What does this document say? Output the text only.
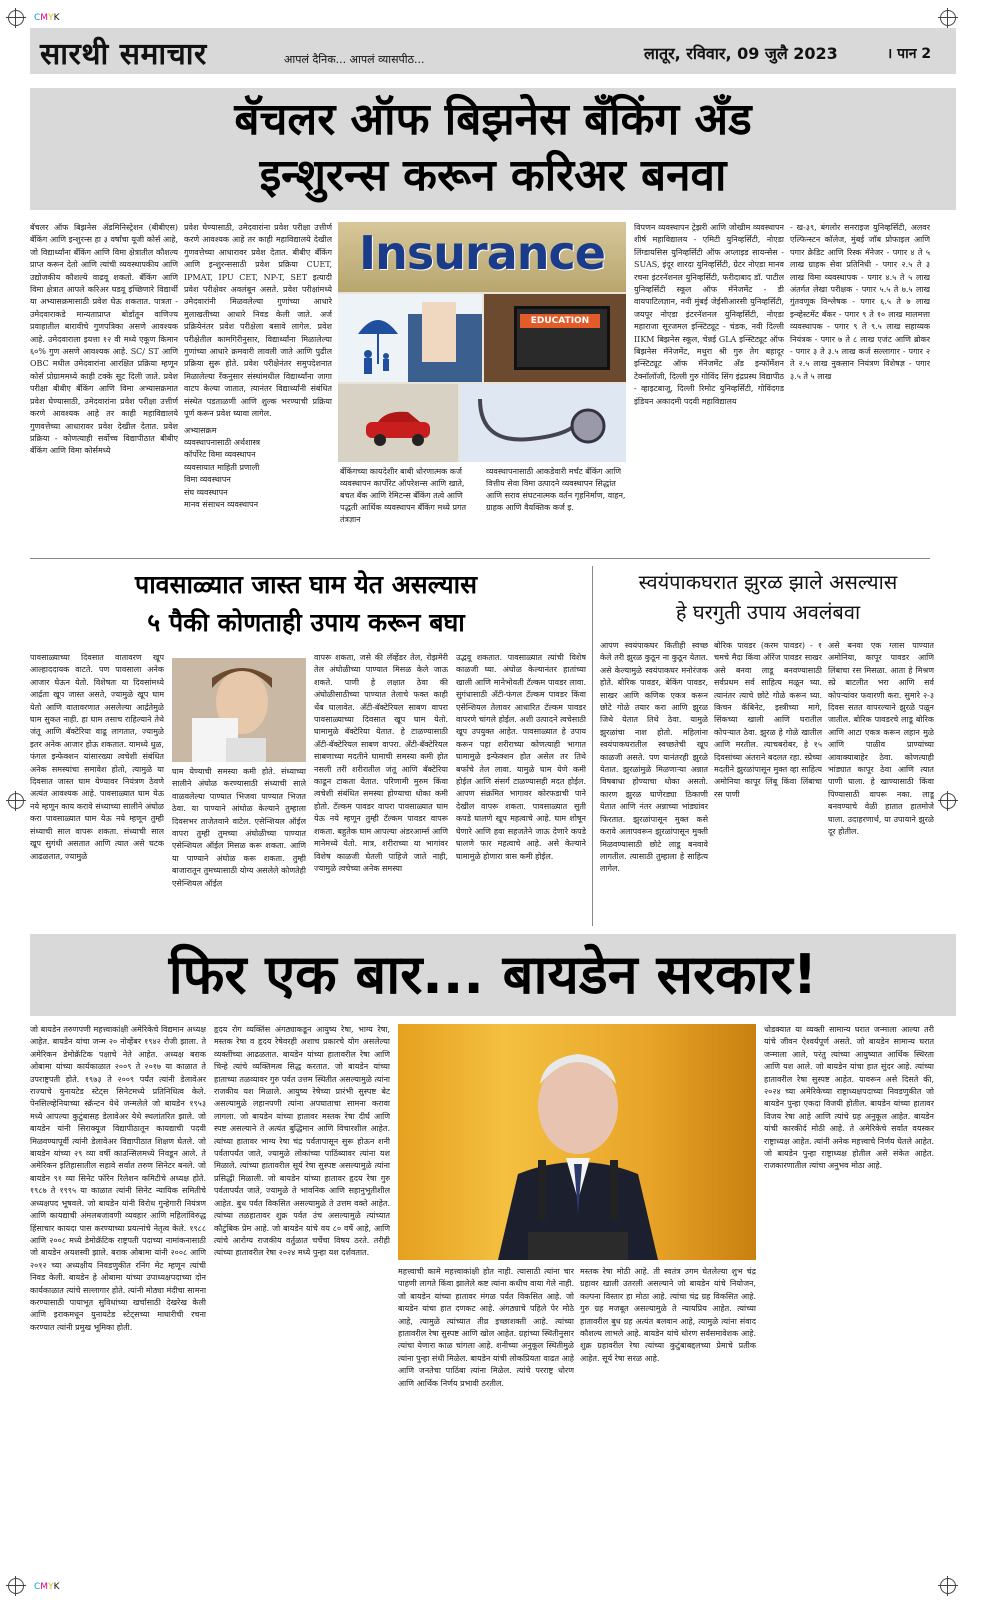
CMYK
CMYK
सारथी समाचार	आपलं दैनिक... आपलं व्यासपीठ...	लातूर, रविवार, 09 जुलै 2023	। पान 2
बॅचलर ऑफ बिझनेस बँकिंग अँड
इन्शुरन्स करून करिअर बनवा

बॅचलर ऑफ बिझनेस ॲडमिनिस्ट्रेशन (बीबीएस) बँकिंग आणि इन्शुरन्स हा ३ वर्षांचा यूजी कोर्स आहे, जो विद्यार्थ्यांना बँकिंग आणि विमा क्षेत्रातील कौशल्य प्राप्त करून देतो आणि त्यांची व्यवस्थापकीय आणि उद्योजकीय कौशल्ये वाढवू शकतो. बँकिंग आणि विमा क्षेत्रात आपले करिअर घडवू इच्छिणारे विद्यार्थी या अभ्यासक्रमासाठी प्रवेश घेऊ शकतात. पात्रता - उमेदवाराकडे मान्यताप्राप्त बोर्डातून वाणिज्य प्रवाहातील बारावीचे गुणपत्रिका असणे आवश्यक आहे. उमेदवाराला इयत्ता १२ वी मध्ये एकूण किमान ६०% गुण असणे आवश्यक आहे. SC/ ST आणि OBC मधील उमेदवारांना आरक्षित प्रक्रिया म्हणून कोर्स प्रोग्राममध्ये काही टक्के सूट दिली जाते. प्रवेश परीक्षा बीबीए बँकिंग आणि विमा अभ्यासक्रमात प्रवेश घेण्यासाठी, उमेदवारांना प्रवेश परीक्षा उत्तीर्ण करणे आवश्यक आहे तर काही महाविद्यालये गुणवत्तेच्या आधारावर प्रवेश देखील देतात. प्रवेश प्रक्रिया - कोणत्याही सर्वोच्च विद्यापीठात बीबीए बँकिंग आणि विमा कोर्समध्ये

प्रवेश घेण्यासाठी, उमेदवारांना प्रवेश परीक्षा उत्तीर्ण करणे आवश्यक आहे तर काही महाविद्यालये देखील गुणवत्तेच्या आधारावर प्रवेश देतात. बीबीए बँकिंग आणि इन्शुरन्ससाठी प्रवेश प्रक्रिया CUET, IPMAT, IPU CET, NP-T, SET इत्यादी प्रवेश परीक्षेवर अवलंबून असते. प्रवेश परीक्षांमध्ये उमेदवारांनी मिळवलेल्या गुणांच्या आधारे मुलाखतीच्या आधारे निवड केली जाते. अर्ज प्रक्रियेनंतर प्रवेश परीक्षेला बसावे लागेल. प्रवेश परीक्षेतील कामगिरीनुसार, विद्यार्थ्यांना मिळालेल्या गुणांच्या आधारे क्रमवारी लावली जाते आणि पुढील प्रक्रिया सुरू होते. प्रवेश परीक्षेनंतर समुपदेशनात मिळालेल्या रँकनुसार संस्थांमधील विद्यार्थ्यांना जागा वाटप केल्या जातात, त्यानंतर विद्यार्थ्यांनी संबंधित संस्थेत पडताळणी आणि शुल्क भरण्याची प्रक्रिया पूर्ण करून प्रवेश घ्यावा लागेल.

अभ्यासक्रम
व्यवस्थापनासाठी अर्थशास्त्र
कॉर्पोरेट विमा व्यवस्थापन
व्यवसायात माहिती प्रणाली
विमा व्यवस्थापन
संघ व्यवस्थापन
मानव संसाधन व्यवस्थापन
Insurance
EDUCATION
बँकिंगच्या कायदेशीर बाबी धोरणात्मक कर्ज व्यवस्थापन कार्पोरेट ऑपरेशन्स आणि खाते, बचत बँक आणि रेमिटन्स बँकिंग तत्वे आणि पद्धती आर्थिक व्यवस्थापन बँकिंग मध्ये प्रगत तंत्रज्ञान
व्यवस्थापनासाठी आकडेवारी मर्चंट बँकिंग आणि वित्तीय सेवा विमा उत्पादने व्यवस्थापन सिद्धांत आणि सराव संघटनात्मक वर्तन गृहनिर्माण, वाहन, ग्राहक आणि वैयक्तिक कर्ज इ.

विपणन व्यवस्थापन ट्रेझरी आणि जोखीम व्यवस्थापन शीर्ष महाविद्यालय - एमिटी युनिव्हर्सिटी, नोएडा लिंग्डायसिस युनिव्हर्सिटी ऑफ अप्लाइड सायन्सेस - SUAS, इंदूर शारदा युनिव्हर्सिटी, ग्रेटर नोएडा मानव रचना इंटरनॅशनल युनिव्हर्सिटी, फरीदाबाद डॉ. पाटील युनिव्हर्सिटी स्कूल ऑफ मॅनेजमेंट - डी वायपाटिलज्ञान, नवी मुंबई जेईसीआरसी युनिव्हर्सिटी, जयपूर नोएडा इंटरनॅशनल युनिव्हर्सिटी, नोएडा महाराजा सूरजमल इन्स्टिट्यूट - चंडक, नवी दिल्ली IIKM बिझनेस स्कूल, चेन्नई GLA इन्स्टिट्यूट ऑफ बिझनेस मॅनेजमेंट, मथुरा श्री गुरु तेग बहादूर इन्स्टिट्यूट ऑफ मॅनेजमेंट अँड इन्फॉर्मेशन टेक्नॉलॉजी, दिल्ली गुरु गोविंद सिंग इंद्रप्रस्थ विद्यापीठ - व्हाइटबाजू, दिल्ली रिमोट युनिव्हर्सिटी, गोविंदगड इंडियन अकादमी पदवी महाविद्यालय

- ख-३९, बंगलोर सनराइज युनिव्हर्सिटी, अलवर एल्फिन्स्टन कॉलेज, मुंबई जॉब प्रोफाइल आणि पगार क्रेडिट आणि रिस्क मॅनेजर - पगार ४ ते ५ लाख ग्राहक सेवा प्रतिनिधी - पगार २.५ ते ३ लाख विमा व्यवस्थापक - पगार ४.५ ते ५ लाख अंतर्गत लेखा परीक्षक - पगार ५.५ ते ७.५ लाख गुंतवणूक विश्लेषक - पगार ६.५ ते ७ लाख इन्व्हेस्टमेंट बँकर - पगार ९ ते १० लाख मालमत्ता व्यवस्थापक - पगार ९ ते ९.५ लाख सहाय्यक नियंत्रक - पगार ७ ते ८ लाख एजंट आणि ब्रोकर - पगार ३ ते ३.५ लाख कर्ज सल्लागार - पगार २ ते २.५ लाख नुकसान नियंत्रण विशेषज्ञ - पगार ३.५ ते ५ लाख

पावसाळ्यात जास्त घाम येत असल्यास
५ पैकी कोणताही उपाय करून बघा

पावसाळ्याच्या दिवसात वातावरण खूप आल्हाददायक वाटते. पण पावसाला अनेक आजार घेऊन येतो. विशेषतः या दिवसांमध्ये आर्द्रता खूप जास्त असते, ज्यामुळे खूप घाम येतो आणि वातावरणात असलेल्या आर्द्रतेमुळे घाम सुकत नाही. हा घाम तसाच राहिल्याने तेथे जंतू आणि बॅक्टेरिया वाढू लागतात, ज्यामुळे इतर अनेक आजार होऊ शकतात. यामध्ये धुळ, फंगल इन्फेक्शन यांसारख्या त्वचेशी संबंधित अनेक समस्यांचा समावेश होतो, त्यामुळे या दिवसात जास्त घाम येण्यावर नियंत्रण ठेवणे अत्यंत आवश्यक आहे. पावसाळ्यात घाम येऊ नये म्हणून काय करावे संध्याच्या सालीने अंघोळ करा पावसाळ्यात घाम येऊ नये म्हणून तुम्ही संध्याची साल वापरू शकता. संध्याची साल खूप सुगंधी असतात आणि त्यात असे घटक आढळतात, ज्यामुळे

घाम येण्याची समस्या कमी होते. संध्याच्या सालीने अंघोळ करण्यासाठी संध्याची साले वाळवलेल्या पाण्यात भिजवा पाण्यात भिजत ठेवा. या पाण्याने आंघोळ केल्याने तुम्हाला दिवसभर ताजेतवाने वाटेल. एसेन्शियल ऑईल वापरा तुम्ही तुमच्या अंघोळीच्या पाण्यात एसेन्शियल ऑईल मिसळ करू शकता. आणि या पाण्याने अंघोळ करू शकता. तुम्ही बाजारातून तुमच्यासाठी योग्य असलेले कोणतेही एसेन्शियल ऑईल

वापरू शकता, जसे की लॅव्हेंडर तेल, रोझमेरी तेल अंघोळीच्या पाण्यात मिसळ केले जाऊ शकते. पाणी हे लक्षात ठेवा की अंघोळीसाठीच्या पाण्यात तेलाचे फक्त काही थेंब घालावेत. अँटी-बॅक्टेरियल साबण वापरा पावसाळ्याच्या दिवसात खूप घाम येतो. घामामुळे बॅक्टेरिया येतात. हे टाळण्यासाठी अँटी-बॅक्टेरियल साबण वापरा. अँटी-बॅक्टेरियल साबणाच्या मदतीने घामाची समस्या कमी होत नसली तरी शरीरातील जंतू आणि बॅक्टेरिया काढून टाकता येतात. परिणामी मुरुम किंवा त्वचेशी संबंधित समस्या होण्याचा धोका कमी होतो. टॅल्कम पावडर वापरा पावसाळ्यात घाम येऊ नये म्हणून तुम्ही टॅल्कम पावडर वापरू शकता. बहुतेक घाम आपल्या अंडरआर्म्स आणि मानेमध्ये येतो. मात्र, शरीराच्या या भागांवर विशेष काळजी घेतली पाहिजे जाते नाही, ज्यामुळे त्वचेच्या अनेक समस्या

उद्भवू शकतात. पावसाळ्यात त्यांची विशेष काळजी घ्या. अंघोळ केल्यानंतर हातांच्या खाली आणि मानेभोवती टॅल्कम पावडर लावा. सुगंधासाठी अँटी-फंगल टॅल्कम पावडर किंवा एसेन्शियल तेलावर आधारित टॅल्कम पावडर वापरणे चांगले होईल. अशी उत्पादने त्वचेसाठी खूप उपयुक्त आहेत. पावसाळ्यात हे उपाय करून पहा शरीराच्या कोणत्याही भागात घामामुळे इन्फेक्शन होत असेल तर तिथे बर्फाचे तेल लावा. यामुळे घाम येणे कमी होईल आणि संसर्ग टाळण्यासही मदत होईल. आपण संक्रमित भागावर कोरफडाची पाने देखील वापरू शकता. पावसाळ्यात सुती कपडे घालणे खूप महत्वाचे आहे. घाम शोषून घेणारे आणि हवा सहजतेने जाऊ देणारे कपडे घालणे फार महत्वाचे आहे. असे केल्याने घामामुळे होणारा त्रास कमी होईल.

स्वयंपाकघरात झुरळ झाले असल्यास
हे घरगुती उपाय अवलंबवा

आपण स्वयंपाकघर कितीही स्वच्छ केले तरी झुरळ कुठून ना कुठून येतात. असे केल्यामुळे स्वयंपाकघर मनोरंजक होते. बोरिक पावडर, बेकिंग पावडर, साखर आणि कणिक एकत्र करून छोटे गोळे तयार करा आणि झुरळ जिथे येतात तिथे ठेवा. यामुळे झुरळांचा नाश होतो. महिलांना स्वयंपाकघरातील स्वच्छतेची खूप काळजी असते. पण यानंतरही झुरळे येतात. झुरळांमुळे मिळणाऱ्या अन्नात विषबाधा होण्याचा धोका असतो. कारण झुरळ घाणेरड्या ठिकाणी येतात आणि नंतर अन्नाच्या भांड्यांवर फिरतात. झुरळांपासून मुक्त कसे करावे अलापवरून झुरळांपासून मुक्ती मिळवण्यासाठी छोटे लाडू बनवावे लागतील. त्यासाठी तुम्हाला हे साहित्य लागेल.

बोरिक पावडर (करम पावडर) - १ चमचे मैदा किंवा ऑरेंज पावडर साखर असे बनवा लाडू बनवण्यासाठी सर्वप्रथम सर्व साहित्य मळून घ्या. त्यानंतर त्याचे छोटे गोळे करून घ्या. किचन कॅबिनेट, इस्त्रीच्या मागे, सिंकच्या खाली आणि घरातील कोपऱ्यात ठेवा. झुरळ हे गोळे खातील आणि मरतील. त्याचबरोबर, हे १५ दिवसांच्या अंतराने बदलत रहा. स्प्रेच्या मदतीने झुरळांपासून मुक्त व्हा साहित्य अमोनिया कापूर लिंबू किंवा लिंबाचा रस पाणी

असे बनवा एक ग्लास पाण्यात अमोनिया, कापूर पावडर आणि लिंबाचा रस मिसळा. आता हे मिश्रण स्प्रे बाटलीत भरा आणि सर्व कोपऱ्यांवर फवारणी करा. सुमारे २-३ दिवस सतत वापरल्याने झुरळे पळून जातील. बोरिक पावडरचे लाडू बोरिक आणि आटा एकत्र करून लहान मुळे आणि पाळीव प्राण्यांच्या आवाक्याबाहेर ठेवा. कोणत्याही भांड्यात कापूर ठेवा आणि त्यात पाणी घाला. हे खाण्यासाठी किंवा पिण्यासाठी वापरू नका. लाडू बनवण्याचे वेळी हातात हातमोजे घाला. उदाहरणार्थ, या उपायाने झुरळे दूर होतील.

फिर एक बार... बायडेन सरकार!

जो बायडेन तरुणपणी महत्त्वाकांक्षी अमेरिकेचे विद्यमान अध्यक्ष आहेत. बायडेन यांचा जन्म २० नोव्हेंबर १९४२ रोजी झाला. ते अमेरिकन डेमोक्रॅटिक पक्षाचे नेते आहेत. अध्यक्ष बराक ओबामा यांच्या कार्यकाळात २००९ ते २०१७ या काळात ते उपराष्ट्रपती होते. १९७३ ते २००९ पर्यंत त्यांनी डेलावेअर राज्याचे युनायटेड स्टेट्स सिनेटमध्ये प्रतिनिधित्व केले. पेनसिल्व्हेनियाच्या स्क्रॅन्टन येथे जन्मलेले जो बायडेन १९५३ मध्ये आपल्या कुटुंबासह डेलावेअर येथे स्थलांतरित झाले. जो बायडेन यांनी सिराक्यूज विद्यापीठातून कायद्याची पदवी मिळवण्यापूर्वी त्यांनी डेलावेअर विद्यापीठात शिक्षण घेतले. जो बायडेन यांच्या २९ व्या वर्षी काउन्सिलमध्ये निवडून आले. ते अमेरिकन इतिहासातील सहावे सर्वात तरुण सिनेटर बनले. जो बायडेन ९१ व्या सिनेट फॉरेन रिलेशन कमिटीचे अध्यक्ष होते. १९८७ ते १९९५ या काळात त्यांनी सिनेट न्यायिक समितीचे अध्यक्षपद भूषवले. जो बायडेन यांनी विरोध गुन्हेगारी नियंत्रण आणि कायद्याची अंमलबजावणी व्यवहार आणि महिलांविरुद्ध हिंसाचार कायदा पास करण्याच्या प्रयत्नांचे नेतृत्व केले. १९८८ आणि २००८ मध्ये डेमोक्रॅटिक राष्ट्रपती पदाच्या नामांकनासाठी जो बायडेन अयशस्वी झाले. बराक ओबामा यांनी २००८ आणि २०१२ च्या अध्यक्षीय निवडणुकीत रनिंग मेट म्हणून त्यांची निवड केली. बायडेन हे ओबामा यांच्या उपाध्यक्षपदाच्या दोन कार्यकाळात त्यांचे सल्लागार होते. त्यांनी मोठ्या मंदीचा सामना करण्यासाठी पायाभूत सुविधांच्या खर्चासाठी देखरेख केली आणि इराकमधून युनायटेड स्टेट्सच्या माघारीची रचना करण्यात त्यांनी प्रमुख भूमिका होती.

हृदय रोग व्यक्तिंस अंगठ्याकडून आयुष्य रेषा, भाग्य रेषा, मस्तक रेषा व हृदय रेषेवरही अशाच प्रकारचे योग असलेल्या व्यक्तींच्या आढळतात. बायडेन यांच्या हातावरील रेषा आणि चिन्हे त्यांचे व्यक्तिमत्व सिद्ध करतात. जो बायडेन यांच्या हाताच्या तळव्यावर गुरु पर्वत उत्तम स्थितीत असल्यामुळे त्यांना राजकीय यश मिळाले. आयुष्य रेषेच्या प्रारंभी सुस्पष्ट बेट असल्यामुळे लहानपणी त्यांना अपघाताचा सामना करावा लागला. जो बायडेन यांच्या हातावर मस्तक रेषा दीर्घ आणि स्पष्ट असल्याने ते अत्यंत बुद्धिमान आणि विचारशील आहेत. त्यांच्या हातावर भाग्य रेषा चंद्र पर्वतापासून सुरू होऊन शनी पर्वतापर्यंत जाते, ज्यामुळे लोकांच्या पाठिंब्यावर त्यांना यश मिळाले. त्यांच्या हातावरील सूर्य रेषा सुस्पष्ट असल्यामुळे त्यांना प्रसिद्धी मिळाली. जो बायडेन यांच्या हातावर हृदय रेषा गुरु पर्वतापर्यंत जाते, ज्यामुळे ते भावनिक आणि सहानुभूतीशील आहेत. बुध पर्वत विकसित असल्यामुळे ते उत्तम वक्ते आहेत. त्यांच्या तळहातावर शुक्र पर्वत उंच असल्यामुळे त्यांच्यात कौटुंबिक प्रेम आहे. जो बायडेन यांचे वय ८० वर्षे आहे, आणि त्यांचे आरोग्य राजकीय वर्तुळात चर्चेचा विषय ठरते. तरीही त्यांच्या हातावरील रेषा २०२४ मध्ये पुन्हा यश दर्शवतात.

महत्त्वाची कामे महत्त्वाकांक्षी होत नाही. त्यासाठी त्यांना चार पाहणी लागते किंवा झालेले कष्ट त्यांना कधीच वाया गेले नाही. जो बायडेन यांच्या हातावर मंगळ पर्वत विकसित आहे. जो बायडेन यांचा हात दणकट आहे. अंगठ्याचे पहिले पेर मोठे आहे, त्यामुळे त्यांच्यात तीव्र इच्छाशक्ती आहे. त्यांच्या हातावरील रेषा सुस्पष्ट आणि खोल आहेत. ग्रहांच्या स्थितीनुसार त्यांचा येणारा काळ चांगला आहे. शनीच्या अनुकूल स्थितीमुळे त्यांना पुन्हा संधी मिळेल. बायडेन यांची लोकप्रियता वाढत आहे आणि जनतेचा पाठिंबा त्यांना मिळेल. त्यांचे परराष्ट्र धोरण आणि आर्थिक निर्णय प्रभावी ठरतील.

मस्तक रेषा मोठी आहे. ती स्वतंत्र उगम घेतलेल्या शुभ चंद्र ग्रहावर खाली उतरली असल्याने जो बायडेन यांचे नियोजन, कल्पना विस्तार हा मोठा आहे. त्यांचा चंद्र ग्रह विकसित आहे. गुरु ग्रह मजबूत असल्यामुळे ते न्यायप्रिय आहेत. त्यांच्या हातावरील बुध ग्रह अत्यंत बलवान आहे, त्यामुळे त्यांना संवाद कौशल्य लाभले आहे. बायडेन यांचे धोरण सर्वसमावेशक आहे. शुक्र ग्रहावरील रेषा त्यांच्या कुटुंबाबद्दलच्या प्रेमाचे प्रतीक आहेत. सूर्य रेषा सरळ आहे.

धोडक्यात या व्यक्ती सामान्य घरात जन्माला आल्या तरी यांचे जीवन ऐश्वर्यपूर्ण असते. जो बायडेन सामान्य घरात जन्माला आले, परंतु त्यांच्या आयुष्यात आर्थिक स्थिरता आणि यश आले. जो बायडेन यांचा हात सुंदर आहे. त्यांच्या हातावरील रेषा सुस्पष्ट आहेत. यावरून असे दिसते की, २०२४ च्या अमेरिकेच्या राष्ट्राध्यक्षपदाच्या निवडणुकीत जो बायडेन पुन्हा एकदा विजयी होतील. बायडेन यांच्या हातावर विजय रेषा आहे आणि त्यांचे ग्रह अनुकूल आहेत. बायडेन यांची कारकीर्द मोठी आहे. ते अमेरिकेचे सर्वात वयस्कर राष्ट्राध्यक्ष आहेत. त्यांनी अनेक महत्त्वाचे निर्णय घेतले आहेत. जो बायडेन पुन्हा राष्ट्राध्यक्ष होतील असे संकेत आहेत. राजकारणातील त्यांचा अनुभव मोठा आहे.
